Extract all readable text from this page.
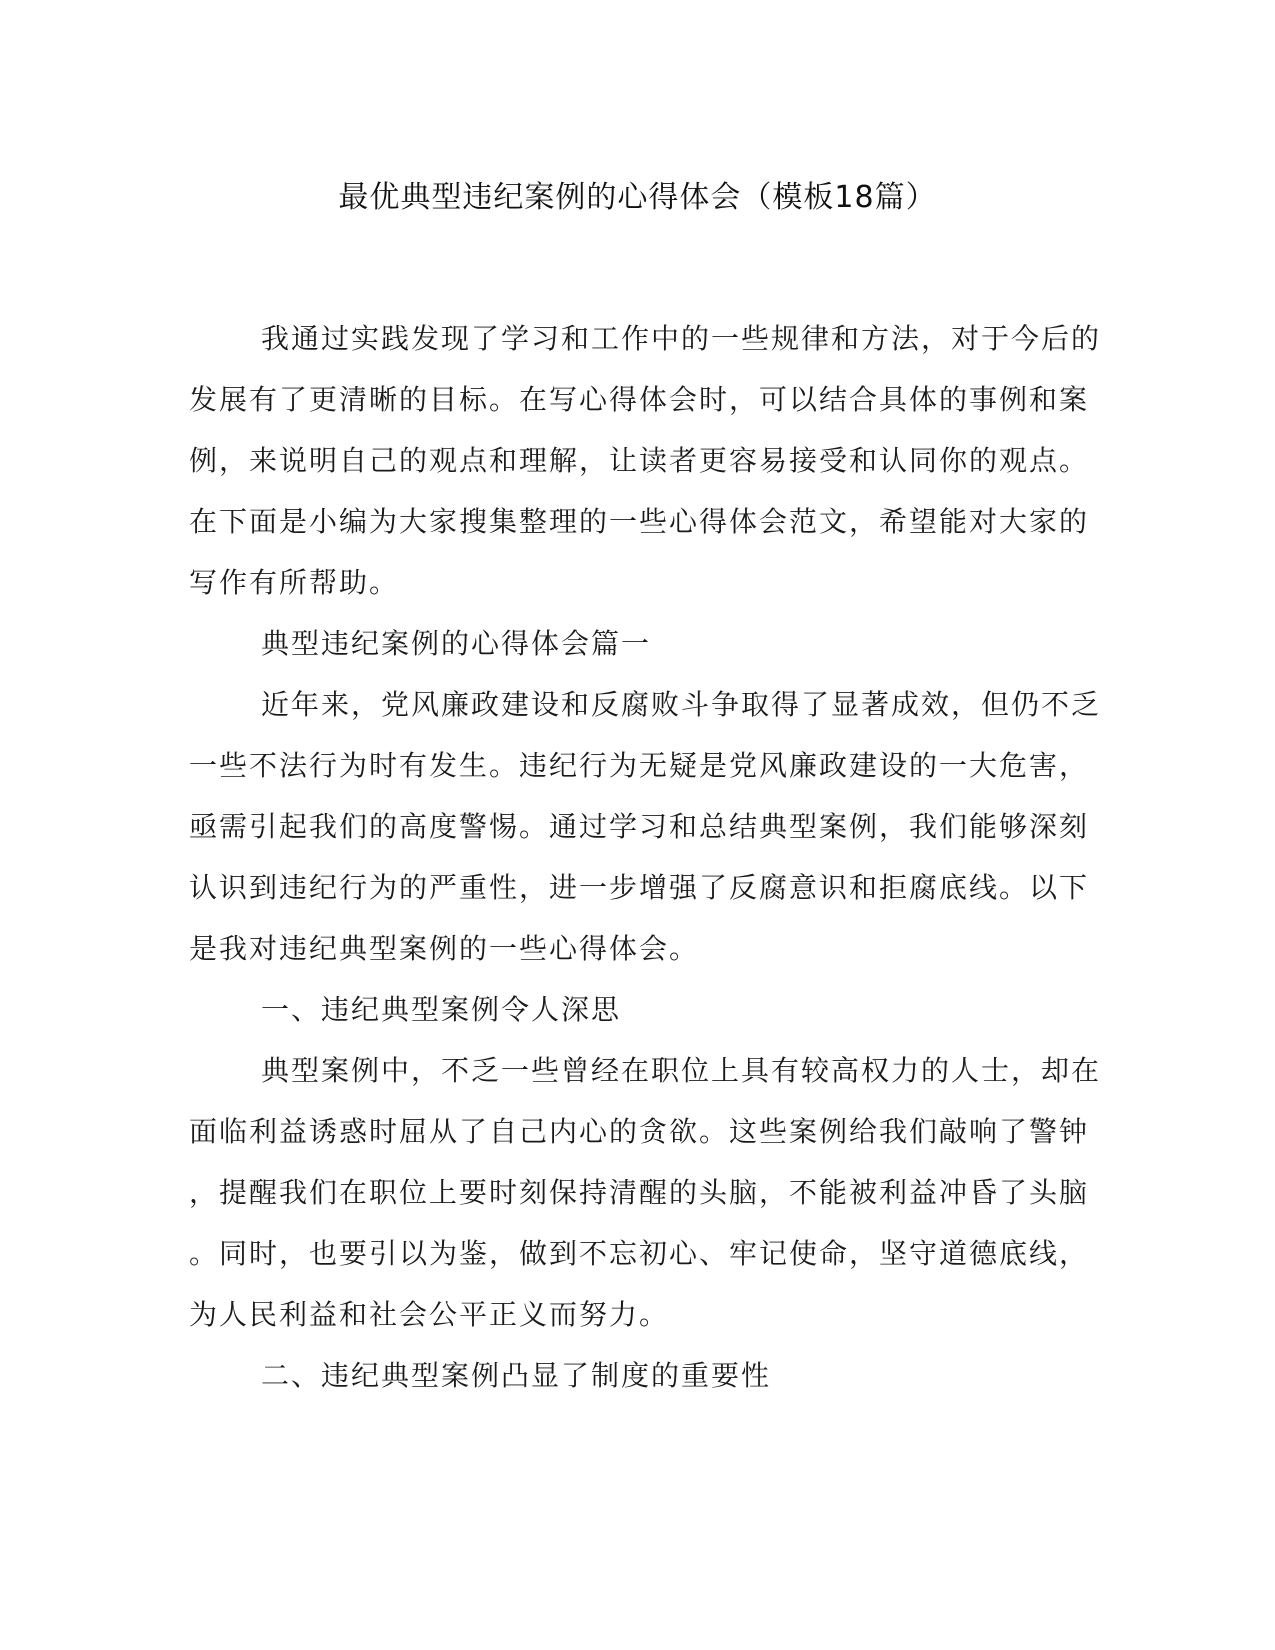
最优典型违纪案例的心得体会（模板18篇）

我通过实践发现了学习和工作中的一些规律和方法，对于今后的
发展有了更清晰的目标。在写心得体会时，可以结合具体的事例和案
例，来说明自己的观点和理解，让读者更容易接受和认同你的观点。
在下面是小编为大家搜集整理的一些心得体会范文，希望能对大家的
写作有所帮助。

典型违纪案例的心得体会篇一

近年来，党风廉政建设和反腐败斗争取得了显著成效，但仍不乏
一些不法行为时有发生。违纪行为无疑是党风廉政建设的一大危害，
亟需引起我们的高度警惕。通过学习和总结典型案例，我们能够深刻
认识到违纪行为的严重性，进一步增强了反腐意识和拒腐底线。以下
是我对违纪典型案例的一些心得体会。

一、违纪典型案例令人深思

典型案例中，不乏一些曾经在职位上具有较高权力的人士，却在
面临利益诱惑时屈从了自己内心的贪欲。这些案例给我们敲响了警钟
，提醒我们在职位上要时刻保持清醒的头脑，不能被利益冲昏了头脑
。同时，也要引以为鉴，做到不忘初心、牢记使命，坚守道德底线，
为人民利益和社会公平正义而努力。

二、违纪典型案例凸显了制度的重要性
